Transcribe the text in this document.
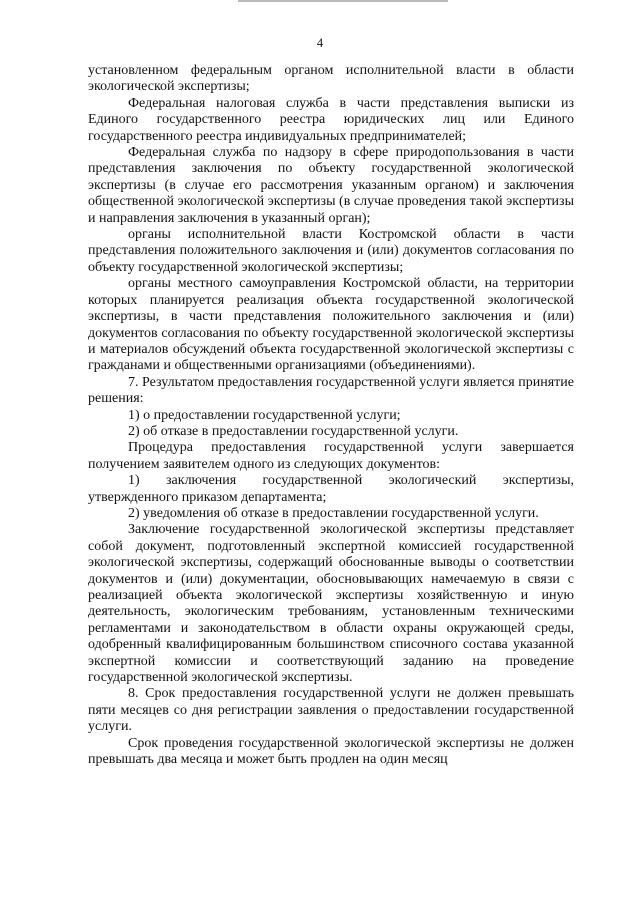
4

установленном федеральным органом исполнительной власти в области экологической экспертизы;

Федеральная налоговая служба в части представления выписки из Единого государственного реестра юридических лиц или Единого государственного реестра индивидуальных предпринимателей;

Федеральная служба по надзору в сфере природопользования в части представления заключения по объекту государственной экологической экспертизы (в случае его рассмотрения указанным органом) и заключения общественной экологической экспертизы (в случае проведения такой экспертизы и направления заключения в указанный орган);

органы исполнительной власти Костромской области в части представления положительного заключения и (или) документов согласования по объекту государственной экологической экспертизы;

органы местного самоуправления Костромской области, на территории которых планируется реализация объекта государственной экологической экспертизы, в части представления положительного заключения и (или) документов согласования по объекту государственной экологической экспертизы и материалов обсуждений объекта государственной экологической экспертизы с гражданами и общественными организациями (объединениями).

7. Результатом предоставления государственной услуги является принятие решения:

1) о предоставлении государственной услуги;

2) об отказе в предоставлении государственной услуги.

Процедура предоставления государственной услуги завершается получением заявителем одного из следующих документов:

1) заключения государственной экологический экспертизы, утвержденного приказом департамента;

2) уведомления об отказе в предоставлении государственной услуги.

Заключение государственной экологической экспертизы представляет собой документ, подготовленный экспертной комиссией государственной экологической экспертизы, содержащий обоснованные выводы о соответствии документов и (или) документации, обосновывающих намечаемую в связи с реализацией объекта экологической экспертизы хозяйственную и иную деятельность, экологическим требованиям, установленным техническими регламентами и законодательством в области охраны окружающей среды, одобренный квалифицированным большинством списочного состава указанной экспертной комиссии и соответствующий заданию на проведение государственной экологической экспертизы.

8. Срок предоставления государственной услуги не должен превышать пяти месяцев со дня регистрации заявления о предоставлении государственной услуги.

Срок проведения государственной экологической экспертизы не должен превышать два месяца и может быть продлен на один месяц
